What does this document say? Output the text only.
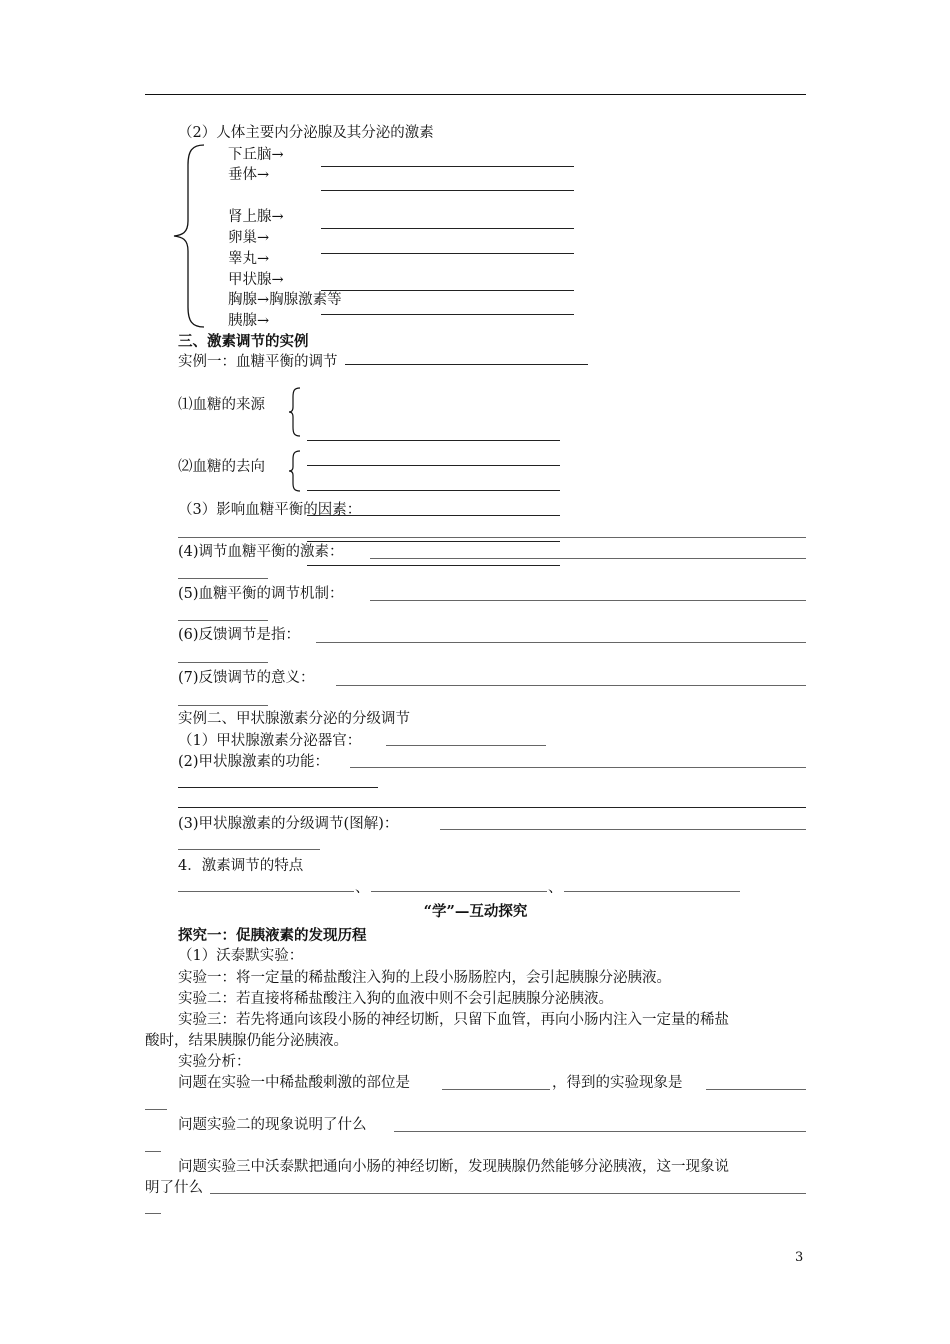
（2）人体主要内分泌腺及其分泌的激素
下丘脑→
垂体→
肾上腺→
卵巢→
睾丸→
甲状腺→
胸腺→胸腺激素等
胰腺→
三、激素调节的实例
实例一：血糖平衡的调节
⑴血糖的来源
⑵血糖的去向
（3）影响血糖平衡的因素：
(4)调节血糖平衡的激素：
(5)血糖平衡的调节机制：
(6)反馈调节是指：
(7)反馈调节的意义：
实例二、甲状腺激素分泌的分级调节
（1）甲状腺激素分泌器官：
(2)甲状腺激素的功能：
(3)甲状腺激素的分级调节(图解)：
4．激素调节的特点
、	、
“学”—互动探究
探究一：促胰液素的发现历程
（1）沃泰默实验：
实验一：将一定量的稀盐酸注入狗的上段小肠肠腔内，会引起胰腺分泌胰液。
实验二：若直接将稀盐酸注入狗的血液中则不会引起胰腺分泌胰液。
实验三：若先将通向该段小肠的神经切断，只留下血管，再向小肠内注入一定量的稀盐
酸时，结果胰腺仍能分泌胰液。
实验分析：
问题在实验一中稀盐酸刺激的部位是	，得到的实验现象是
问题实验二的现象说明了什么
问题实验三中沃泰默把通向小肠的神经切断，发现胰腺仍然能够分泌胰液，这一现象说
明了什么
3
